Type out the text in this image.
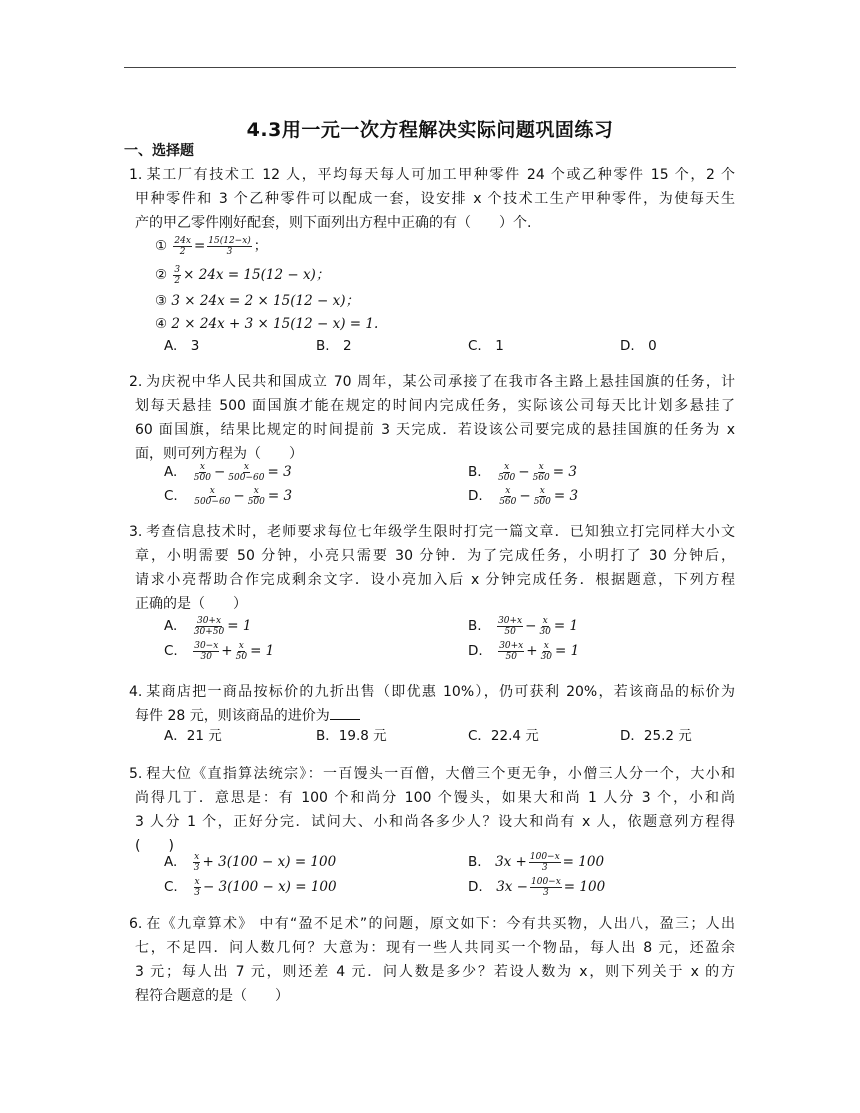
4.3用一元一次方程解决实际问题巩固练习
一、选择题
1. 某工厂有技术工 12 人，平均每天每人可加工甲种零件 24 个或乙种零件 15 个，2 个
甲种零件和 3 个乙种零件可以配成一套，设安排 x 个技术工生产甲种零件，为使每天生
产的甲乙零件刚好配套，则下面列出方程中正确的有（　　）个.
① $\frac{24x}{2} = \frac{15(12-x)}{3}$ ；
② $\frac{3}{2} \times 24x = 15(12 - x)$；
③ 3 × 24x = 2 × 15(12 − x)；
④ 2 × 24x + 3 × 15(12 − x) = 1.
A.　3	B.　2	C.　1	D.　0
2. 为庆祝中华人民共和国成立 70 周年，某公司承接了在我市各主路上悬挂国旗的任务，计
划每天悬挂 500 面国旗才能在规定的时间内完成任务，实际该公司每天比计划多悬挂了
60 面国旗，结果比规定的时间提前 3 天完成．若设该公司要完成的悬挂国旗的任务为 x
面，则可列方程为（　　）
A.　 $\frac{x}{500} - \frac{x}{500-60} = 3$	B.　 $\frac{x}{500} - \frac{x}{560} = 3$
C.　 $\frac{x}{500-60} - \frac{x}{500} = 3$	D.　 $\frac{x}{560} - \frac{x}{500} = 3$
3. 考查信息技术时，老师要求每位七年级学生限时打完一篇文章．已知独立打完同样大小文
章，小明需要 50 分钟，小亮只需要 30 分钟．为了完成任务，小明打了 30 分钟后，
请求小亮帮助合作完成剩余文字．设小亮加入后 x 分钟完成任务．根据题意，下列方程
正确的是（　　）
A.　 $\frac{30+x}{30+50} = 1$	B.　 $\frac{30+x}{50} - \frac{x}{30} = 1$
C.　 $\frac{30-x}{30} + \frac{x}{50} = 1$	D.　 $\frac{30+x}{50} + \frac{x}{30} = 1$
4. 某商店把一商品按标价的九折出售（即优惠 10%），仍可获利 20%，若该商品的标价为
每件 28 元，则该商品的进价为
A．21 元	B．19.8 元	C．22.4 元	D．25.2 元
5. 程大位《直指算法统宗》：一百馒头一百僧，大僧三个更无争，小僧三人分一个，大小和
尚得几丁．意思是：有 100 个和尚分 100 个馒头，如果大和尚 1 人分 3 个，小和尚
3 人分 1 个，正好分完．试问大、小和尚各多少人？设大和尚有 x 人，依题意列方程得
(　　)
A.　 $\frac{x}{3} + 3(100 - x) = 100$	B.　 $3x + \frac{100-x}{3} = 100$
C.　 $\frac{x}{3} - 3(100 - x) = 100$	D.　 $3x - \frac{100-x}{3} = 100$
6. 在《九章算术》 中有“盈不足术”的问题，原文如下：今有共买物，人出八，盈三；人出
七，不足四．问人数几何？大意为：现有一些人共同买一个物品，每人出 8 元，还盈余
3 元；每人出 7 元，则还差 4 元．问人数是多少？若设人数为 x，则下列关于 x 的方
程符合题意的是（　　）
